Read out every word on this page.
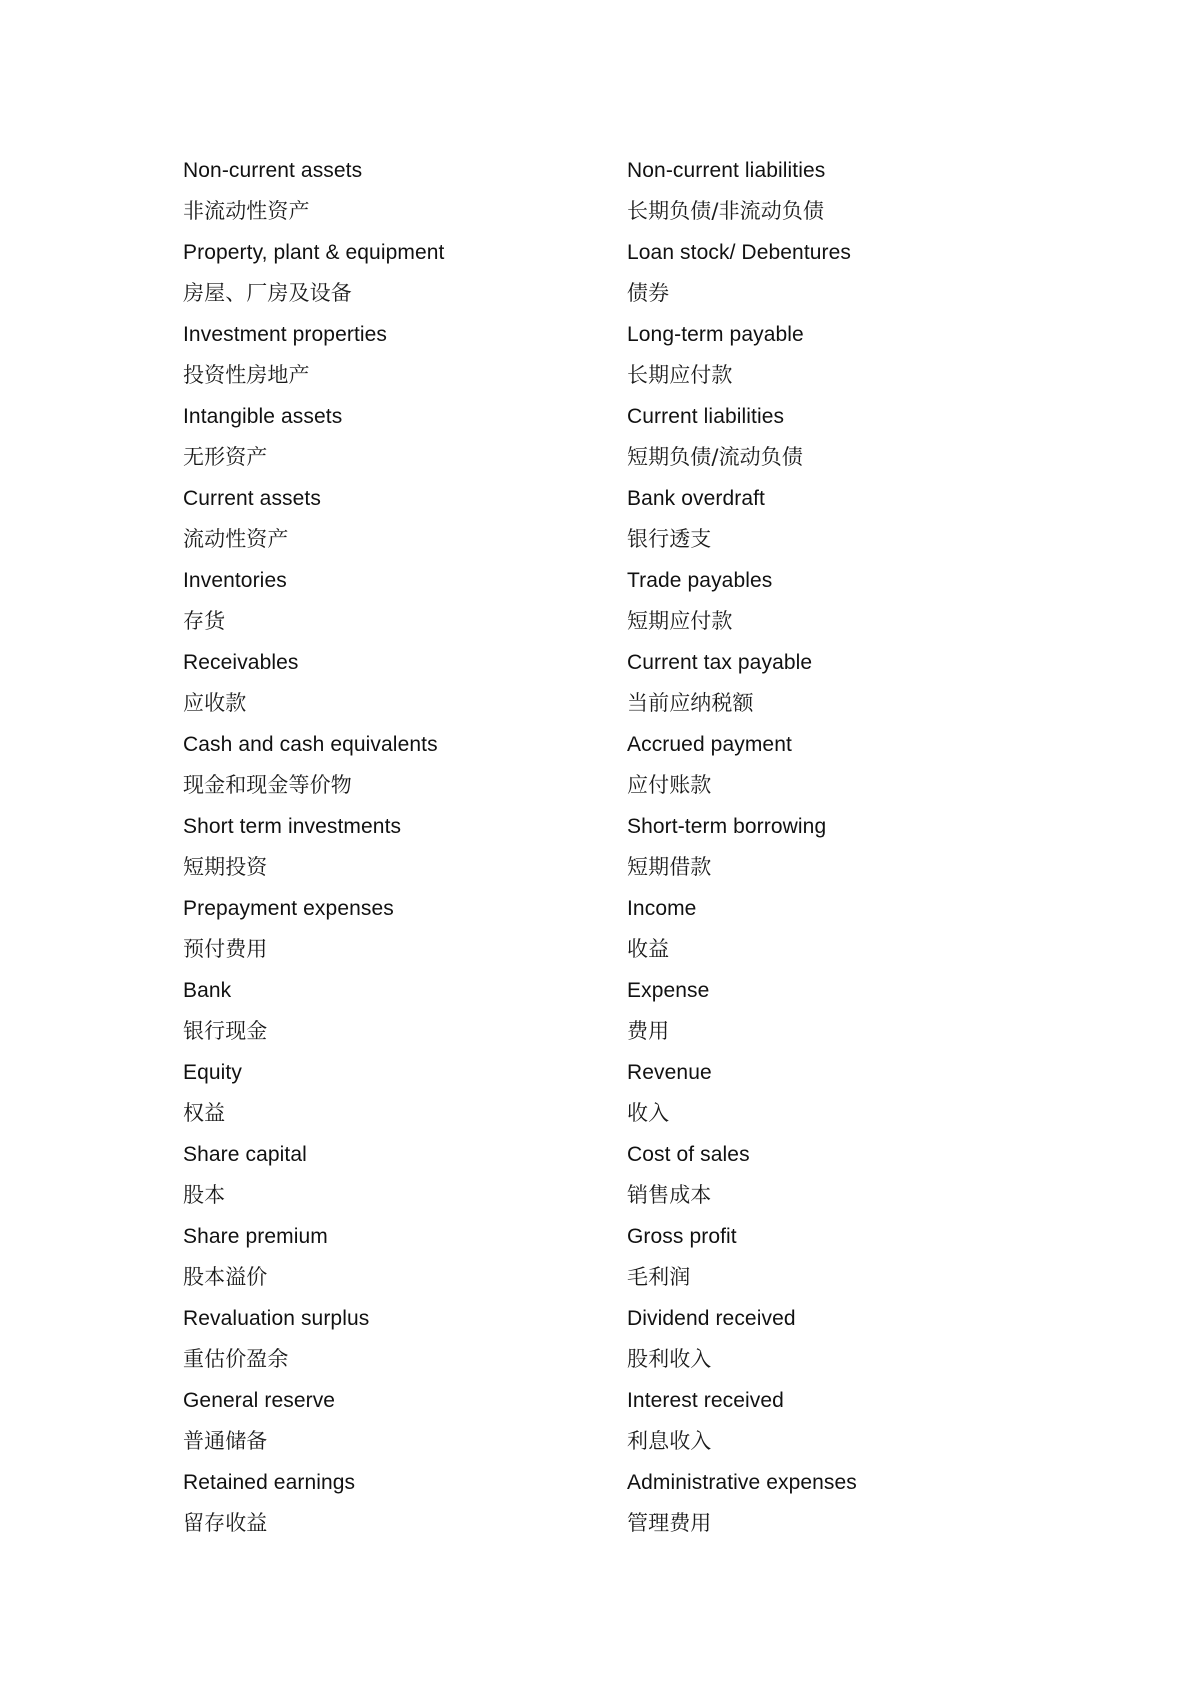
Non-current assets
非流动性资产
Property, plant & equipment
房屋、厂房及设备
Investment properties
投资性房地产
Intangible assets
无形资产
Current assets
流动性资产
Inventories
存货
Receivables
应收款
Cash and cash equivalents
现金和现金等价物
Short term investments
短期投资
Prepayment expenses
预付费用
Bank
银行现金
Equity
权益
Share capital
股本
Share premium
股本溢价
Revaluation surplus
重估价盈余
General reserve
普通储备
Retained earnings
留存收益
Non-current liabilities
长期负债/非流动负债
Loan stock/ Debentures
债券
Long-term payable
长期应付款
Current liabilities
短期负债/流动负债
Bank overdraft
银行透支
Trade payables
短期应付款
Current tax payable
当前应纳税额
Accrued payment
应付账款
Short-term borrowing
短期借款
Income
收益
Expense
费用
Revenue
收入
Cost of sales
销售成本
Gross profit
毛利润
Dividend received
股利收入
Interest received
利息收入
Administrative expenses
管理费用
